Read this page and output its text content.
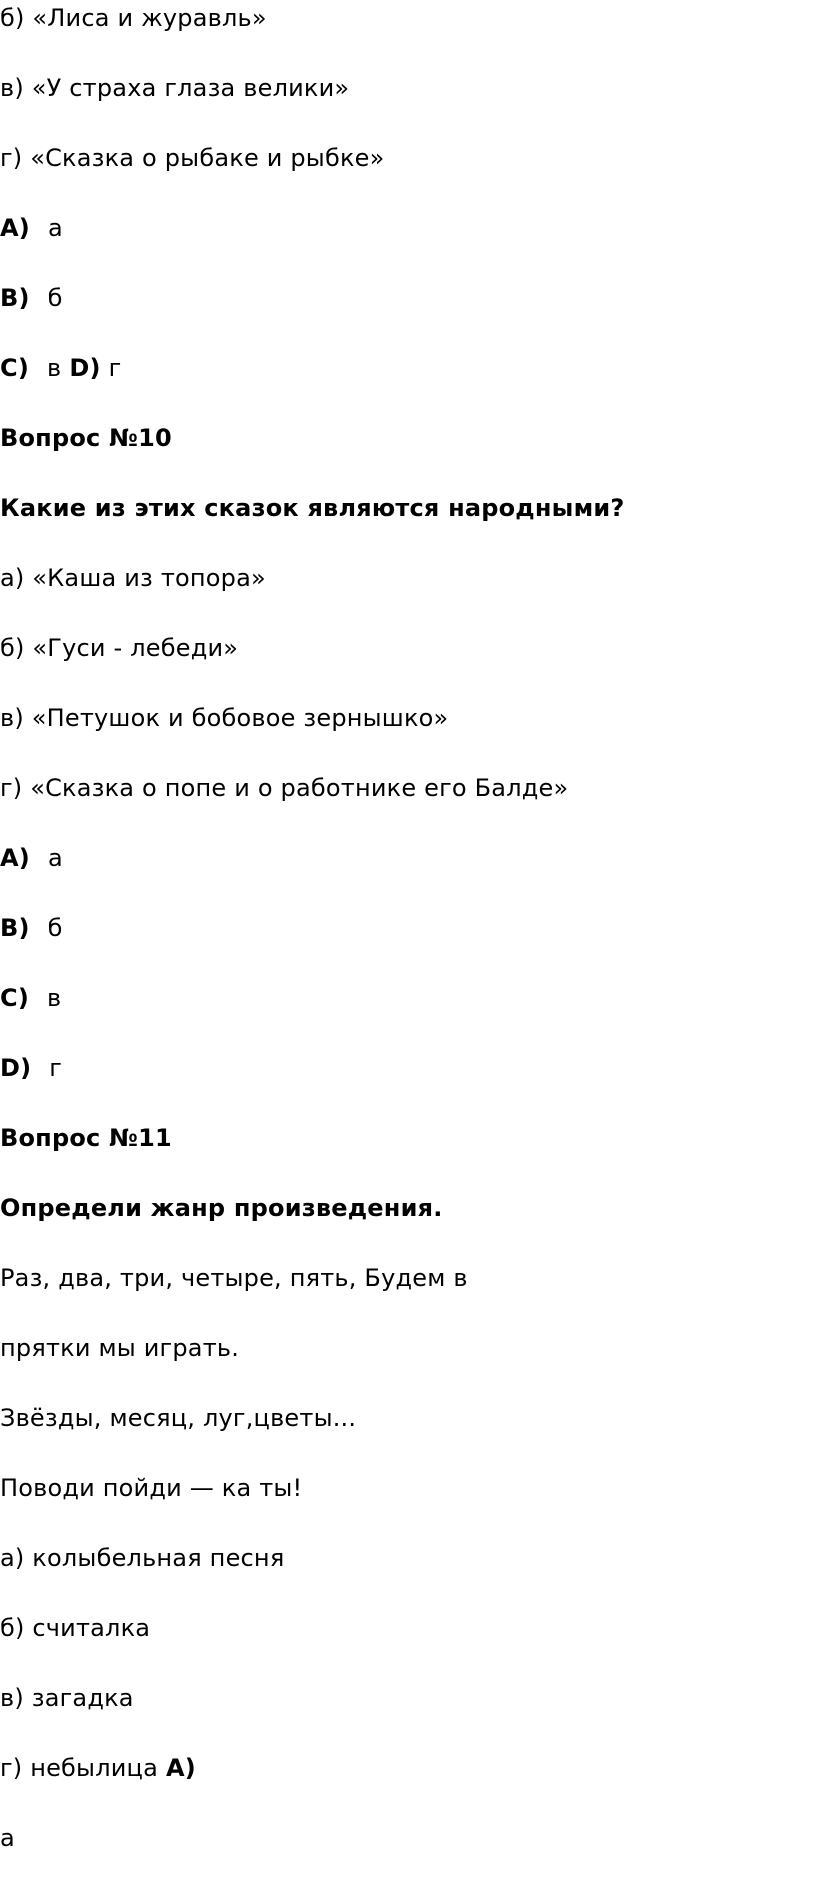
б) «Лиса и журавль»
в) «У страха глаза велики»
г) «Сказка о рыбаке и рыбке»
A) а
B) б
C) в D) г
Вопрос №10
Какие из этих сказок являются народными?
а) «Каша из топора»
б) «Гуси - лебеди»
в) «Петушок и бобовое зернышко»
г) «Сказка о попе и о работнике его Балде»
A) а
B) б
C) в
D) г
Вопрос №11
Определи жанр произведения.
Раз, два, три, четыре, пять, Будем в
прятки мы играть.
Звёзды, месяц, луг,цветы...
Поводи пойди — ка ты!
а) колыбельная песня
б) считалка
в) загадка
г) небылица A)
а
